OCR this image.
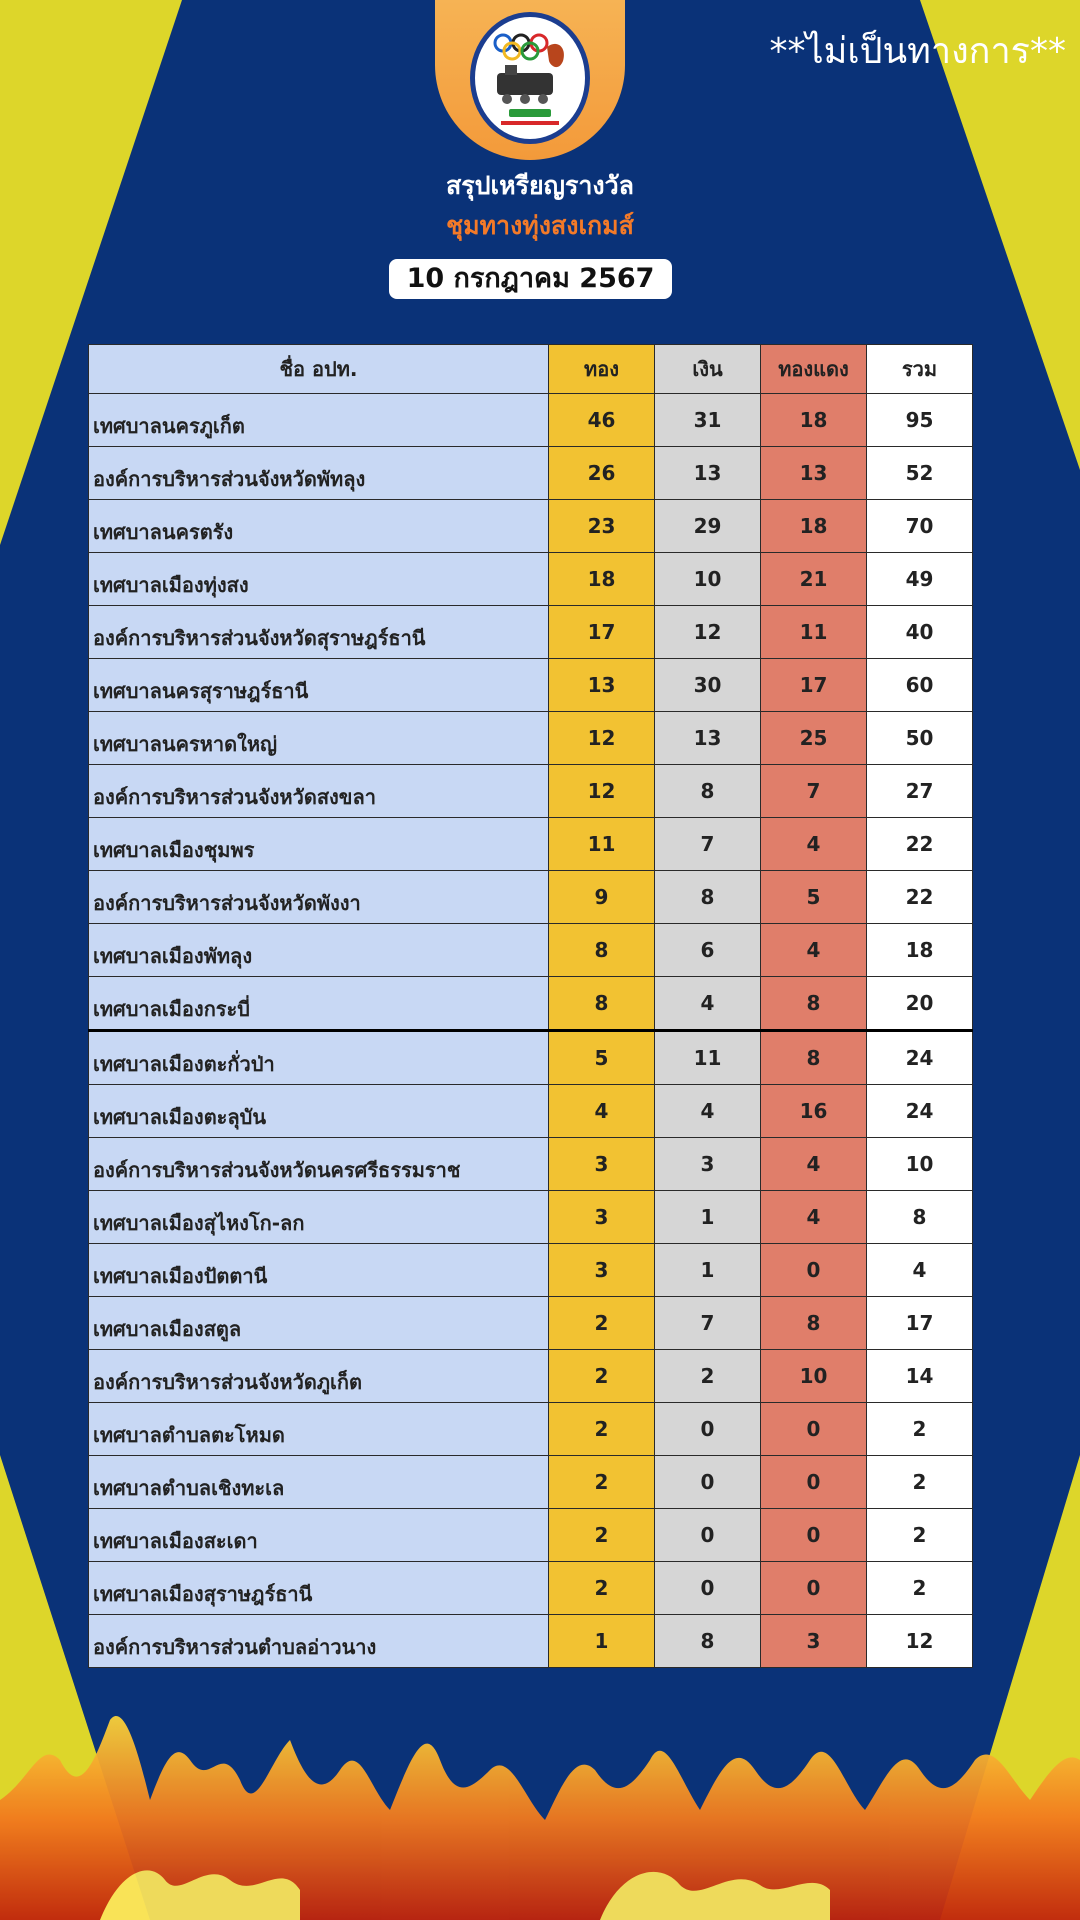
**ไม่เป็นทางการ**
สรุปเหรียญรางวัล
ชุมทางทุ่งสงเกมส์
10 กรกฎาคม 2567
ชื่อ อปท.	ทอง	เงิน	ทองแดง	รวม
เทศบาลนครภูเก็ต	46	31	18	95
องค์การบริหารส่วนจังหวัดพัทลุง	26	13	13	52
เทศบาลนครตรัง	23	29	18	70
เทศบาลเมืองทุ่งสง	18	10	21	49
องค์การบริหารส่วนจังหวัดสุราษฎร์ธานี	17	12	11	40
เทศบาลนครสุราษฎร์ธานี	13	30	17	60
เทศบาลนครหาดใหญ่	12	13	25	50
องค์การบริหารส่วนจังหวัดสงขลา	12	8	7	27
เทศบาลเมืองชุมพร	11	7	4	22
องค์การบริหารส่วนจังหวัดพังงา	9	8	5	22
เทศบาลเมืองพัทลุง	8	6	4	18
เทศบาลเมืองกระบี่	8	4	8	20
เทศบาลเมืองตะกั่วป่า	5	11	8	24
เทศบาลเมืองตะลุบัน	4	4	16	24
องค์การบริหารส่วนจังหวัดนครศรีธรรมราช	3	3	4	10
เทศบาลเมืองสุไหงโก-ลก	3	1	4	8
เทศบาลเมืองปัตตานี	3	1	0	4
เทศบาลเมืองสตูล	2	7	8	17
องค์การบริหารส่วนจังหวัดภูเก็ต	2	2	10	14
เทศบาลตำบลตะโหมด	2	0	0	2
เทศบาลตำบลเชิงทะเล	2	0	0	2
เทศบาลเมืองสะเดา	2	0	0	2
เทศบาลเมืองสุราษฎร์ธานี	2	0	0	2
องค์การบริหารส่วนตำบลอ่าวนาง	1	8	3	12
